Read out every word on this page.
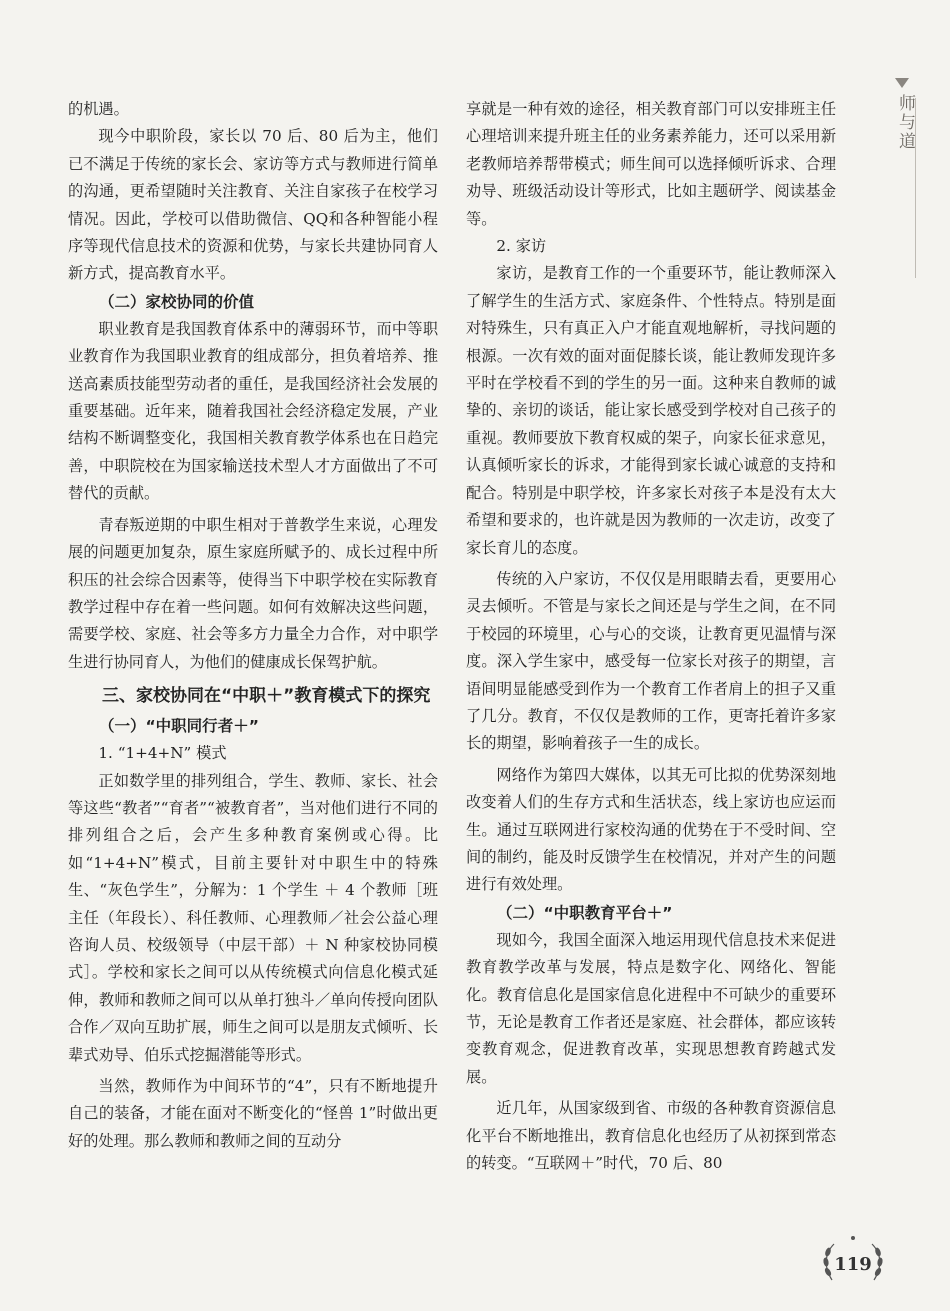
师与道

的机遇。

现今中职阶段，家长以 70 后、80 后为主，他们已不满足于传统的家长会、家访等方式与教师进行简单的沟通，更希望随时关注教育、关注自家孩子在校学习情况。因此，学校可以借助微信、QQ和各种智能小程序等现代信息技术的资源和优势，与家长共建协同育人新方式，提高教育水平。

（二）家校协同的价值

职业教育是我国教育体系中的薄弱环节，而中等职业教育作为我国职业教育的组成部分，担负着培养、推送高素质技能型劳动者的重任，是我国经济社会发展的重要基础。近年来，随着我国社会经济稳定发展，产业结构不断调整变化，我国相关教育教学体系也在日趋完善，中职院校在为国家输送技术型人才方面做出了不可替代的贡献。

青春叛逆期的中职生相对于普教学生来说，心理发展的问题更加复杂，原生家庭所赋予的、成长过程中所积压的社会综合因素等，使得当下中职学校在实际教育教学过程中存在着一些问题。如何有效解决这些问题，需要学校、家庭、社会等多方力量全力合作，对中职学生进行协同育人，为他们的健康成长保驾护航。

三、家校协同在“中职＋”教育模式下的探究
（一）“中职同行者＋”
1. “1+4+N” 模式

正如数学里的排列组合，学生、教师、家长、社会等这些“教者”“育者”“被教育者”，当对他们进行不同的排列组合之后，会产生多种教育案例或心得。比如“1+4+N”模式，目前主要针对中职生中的特殊生、“灰色学生”，分解为：1 个学生 ＋ 4 个教师［班主任（年段长）、科任教师、心理教师／社会公益心理咨询人员、校级领导（中层干部）＋ N 种家校协同模式］。学校和家长之间可以从传统模式向信息化模式延伸，教师和教师之间可以从单打独斗／单向传授向团队合作／双向互助扩展，师生之间可以是朋友式倾听、长辈式劝导、伯乐式挖掘潜能等形式。

当然，教师作为中间环节的“4”，只有不断地提升自己的装备，才能在面对不断变化的“怪兽 1”时做出更好的处理。那么教师和教师之间的互动分

享就是一种有效的途径，相关教育部门可以安排班主任心理培训来提升班主任的业务素养能力，还可以采用新老教师培养帮带模式；师生间可以选择倾听诉求、合理劝导、班级活动设计等形式，比如主题研学、阅读基金等。

2. 家访

家访，是教育工作的一个重要环节，能让教师深入了解学生的生活方式、家庭条件、个性特点。特别是面对特殊生，只有真正入户才能直观地解析，寻找问题的根源。一次有效的面对面促膝长谈，能让教师发现许多平时在学校看不到的学生的另一面。这种来自教师的诚挚的、亲切的谈话，能让家长感受到学校对自己孩子的重视。教师要放下教育权威的架子，向家长征求意见，认真倾听家长的诉求，才能得到家长诚心诚意的支持和配合。特别是中职学校，许多家长对孩子本是没有太大希望和要求的，也许就是因为教师的一次走访，改变了家长育儿的态度。

传统的入户家访，不仅仅是用眼睛去看，更要用心灵去倾听。不管是与家长之间还是与学生之间，在不同于校园的环境里，心与心的交谈，让教育更见温情与深度。深入学生家中，感受每一位家长对孩子的期望，言语间明显能感受到作为一个教育工作者肩上的担子又重了几分。教育，不仅仅是教师的工作，更寄托着许多家长的期望，影响着孩子一生的成长。

网络作为第四大媒体，以其无可比拟的优势深刻地改变着人们的生存方式和生活状态，线上家访也应运而生。通过互联网进行家校沟通的优势在于不受时间、空间的制约，能及时反馈学生在校情况，并对产生的问题进行有效处理。

（二）“中职教育平台＋”

现如今，我国全面深入地运用现代信息技术来促进教育教学改革与发展，特点是数字化、网络化、智能化。教育信息化是国家信息化进程中不可缺少的重要环节，无论是教育工作者还是家庭、社会群体，都应该转变教育观念，促进教育改革，实现思想教育跨越式发展。

近几年，从国家级到省、市级的各种教育资源信息化平台不断地推出，教育信息化也经历了从初探到常态的转变。“互联网＋”时代，70 后、80

119
